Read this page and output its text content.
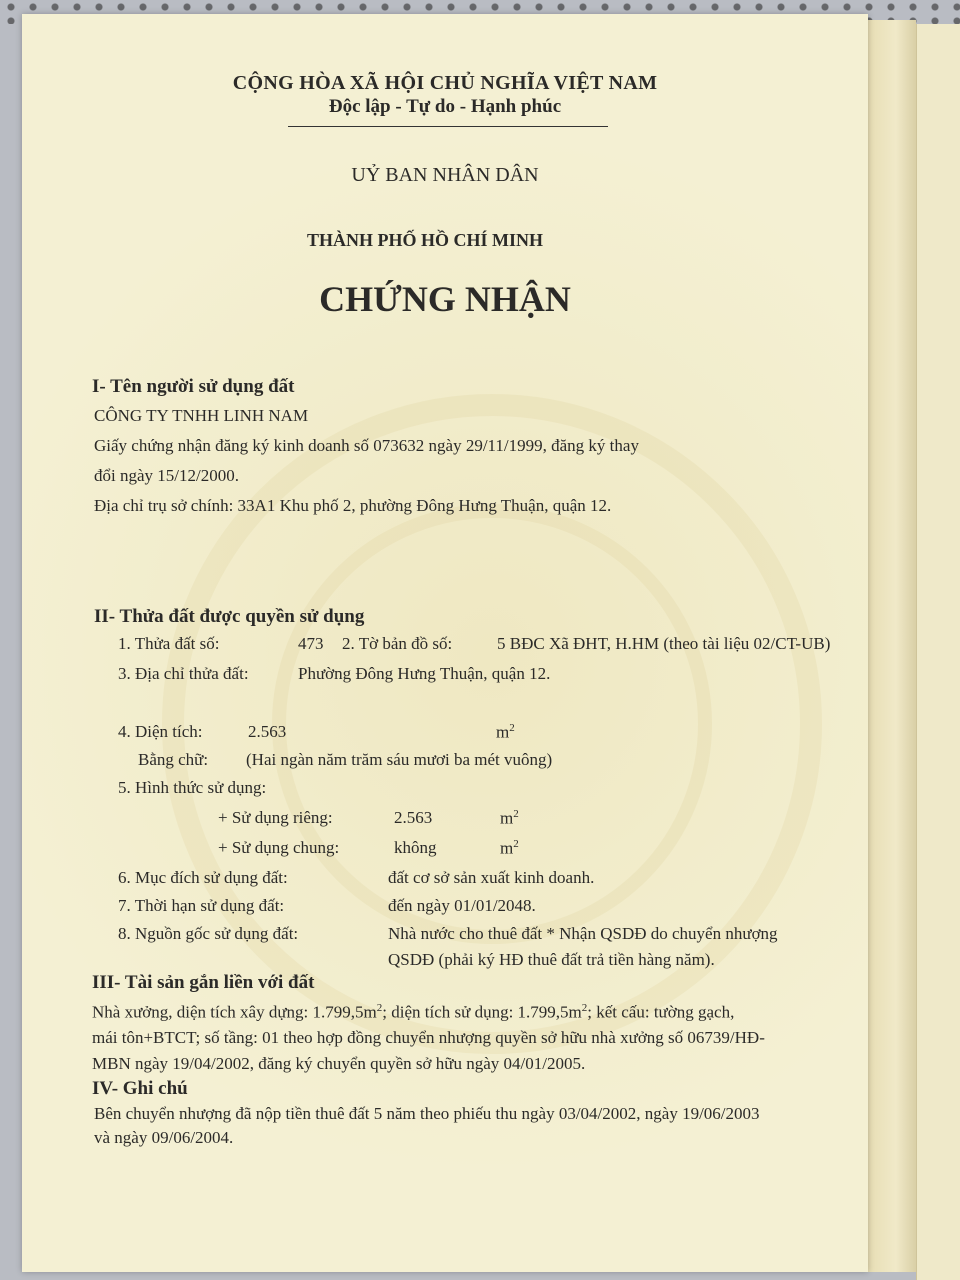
CỘNG HÒA XÃ HỘI CHỦ NGHĨA VIỆT NAM
Độc lập - Tự do - Hạnh phúc
UỶ BAN NHÂN DÂN
THÀNH PHỐ HỒ CHÍ MINH
CHỨNG NHẬN
I- Tên người sử dụng đất
CÔNG TY TNHH LINH NAM
Giấy chứng nhận đăng ký kinh doanh số 073632 ngày 29/11/1999, đăng ký thay
đổi ngày 15/12/2000.
Địa chỉ trụ sở chính: 33A1 Khu phố 2, phường Đông Hưng Thuận, quận 12.
II- Thửa đất được quyền sử dụng
1. Thửa đất số:	473 2. Tờ bản đồ số:	5 BĐC Xã ĐHT, H.HM (theo tài liệu 02/CT-UB)
3. Địa chỉ thửa đất:	Phường Đông Hưng Thuận, quận 12.
4. Diện tích:	2.563	$m^2$
Bằng chữ: (Hai ngàn năm trăm sáu mươi ba mét vuông)
5. Hình thức sử dụng:
+ Sử dụng riêng:	2.563	$m^2$
+ Sử dụng chung:	không	$m^2$
6. Mục đích sử dụng đất:	đất cơ sở sản xuất kinh doanh.
7. Thời hạn sử dụng đất:	đến ngày 01/01/2048.
8. Nguồn gốc sử dụng đất:	Nhà nước cho thuê đất * Nhận QSDĐ do chuyển nhượng
QSDĐ (phải ký HĐ thuê đất trả tiền hàng năm).
III- Tài sản gắn liền với đất
Nhà xưởng, diện tích xây dựng: $1.799,5m^2$; diện tích sử dụng: $1.799,5m^2$; kết cấu: tường gạch,
mái tôn+BTCT; số tầng: 01 theo hợp đồng chuyển nhượng quyền sở hữu nhà xưởng số 06739/HĐ-
MBN ngày 19/04/2002, đăng ký chuyển quyền sở hữu ngày 04/01/2005.
IV- Ghi chú
Bên chuyển nhượng đã nộp tiền thuê đất 5 năm theo phiếu thu ngày 03/04/2002, ngày 19/06/2003
và ngày 09/06/2004.
